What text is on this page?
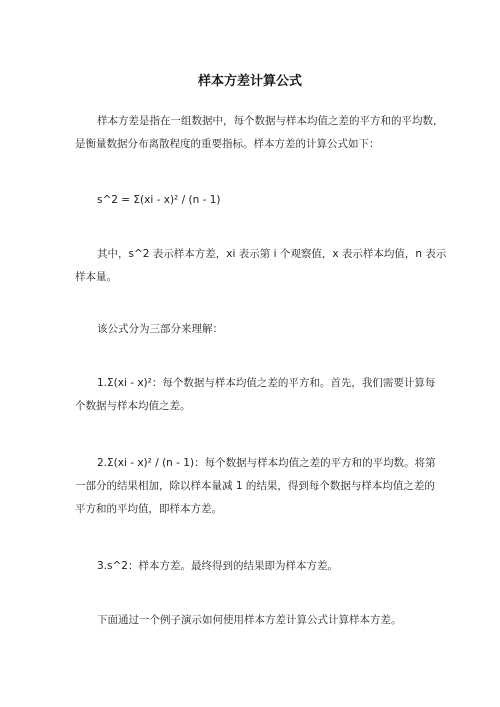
样本方差计算公式
样本方差是指在一组数据中，每个数据与样本均值之差的平方和的平均数，
是衡量数据分布离散程度的重要指标。样本方差的计算公式如下：
s^2 = Σ(xi - x)² / (n - 1)
其中，s^2 表示样本方差，xi 表示第 i 个观察值，x 表示样本均值，n 表示
样本量。
该公式分为三部分来理解：
1.Σ(xi - x)²：每个数据与样本均值之差的平方和。首先，我们需要计算每
个数据与样本均值之差。
2.Σ(xi - x)² / (n - 1)：每个数据与样本均值之差的平方和的平均数。将第
一部分的结果相加，除以样本量减 1 的结果，得到每个数据与样本均值之差的
平方和的平均值，即样本方差。
3.s^2：样本方差。最终得到的结果即为样本方差。
下面通过一个例子演示如何使用样本方差计算公式计算样本方差。
